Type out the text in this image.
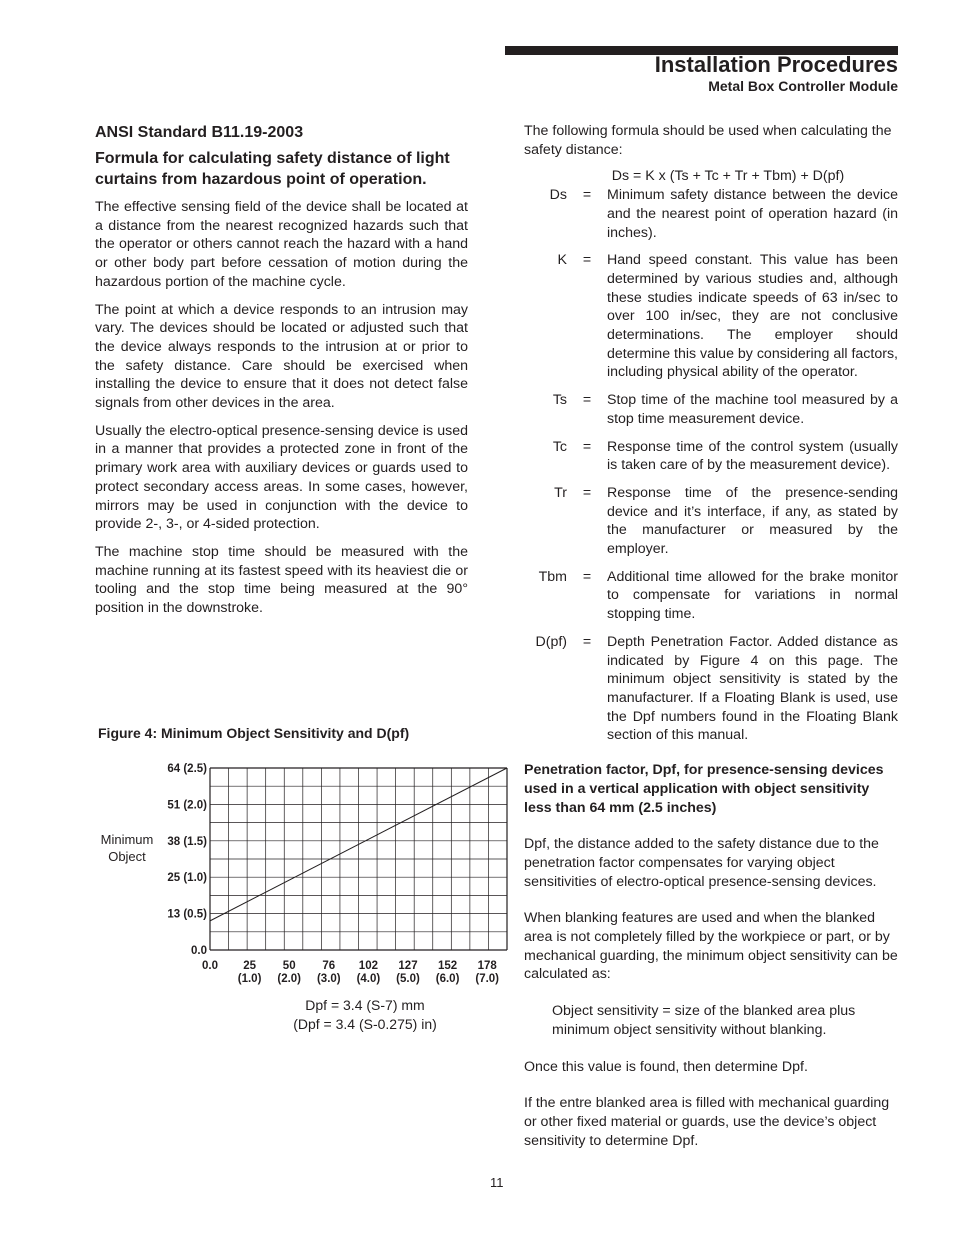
Installation Procedures
Metal Box Controller Module
ANSI Standard B11.19-2003
Formula for calculating safety distance of light curtains from hazardous point of operation.

The effective sensing field of the device shall be located at a distance from the nearest recognized hazards such that the operator or others cannot reach the hazard with a hand or other body part before cessation of motion during the hazardous portion of the machine cycle.

The point at which a device responds to an intrusion may vary. The devices should be located or adjusted such that the device always responds to the intrusion at or prior to the safety distance. Care should be exercised when installing the device to ensure that it does not detect false signals from other devices in the area.

Usually the electro-optical presence-sensing device is used in a manner that provides a protected zone in front of the primary work area with auxiliary devices or guards used to protect secondary access areas. In some cases, however, mirrors may be used in conjunction with the device to provide 2-, 3-, or 4-sided protection.

The machine stop time should be measured with the machine running at its fastest speed with its heaviest die or tooling and the stop time being measured at the 90° position in the downstroke.

Figure 4: Minimum Object Sensitivity and D(pf)
0.0
13 (0.5)
25 (1.0)
38 (1.5)
51 (2.0)
64 (2.5)
0.0 25
(1.0)
50
(2.0)
76
(3.0)
102
(4.0)
127
(5.0)
152
(6.0)
178
(7.0)
Minimum
Object
Dpf = 3.4 (S-7) mm
(Dpf = 3.4 (S-0.275) in)
The following formula should be used when calculating the safety distance:
Ds = K x (Ts + Tc + Tr + Tbm) + D(pf)
Ds	=	Minimum safety distance between the device and the nearest point of operation hazard (in inches).
K	=	Hand speed constant. This value has been determined by various studies and, although these studies indicate speeds of 63 in/sec to over 100 in/sec, they are not conclusive determinations. The employer should determine this value by considering all factors, including physical ability of the operator.
Ts	=	Stop time of the machine tool measured by a stop time measurement device.
Tc	=	Response time of the control system (usually is taken care of by the measurement device).
Tr	=	Response time of the presence-sending device and it’s interface, if any, as stated by the manufacturer or measured by the employer.
Tbm	=	Additional time allowed for the brake monitor to compensate for variations in normal stopping time.
D(pf)	=	Depth Penetration Factor. Added distance as indicated by Figure 4 on this page. The minimum object sensitivity is stated by the manufacturer. If a Floating Blank is used, use the Dpf numbers found in the Floating Blank section of this manual.

Penetration factor, Dpf, for presence-sensing devices used in a vertical application with object sensitivity less than 64 mm (2.5 inches)

Dpf, the distance added to the safety distance due to the penetration factor compensates for varying object sensitivities of electro-optical presence-sensing devices.

When blanking features are used and when the blanked area is not completely filled by the workpiece or part, or by mechanical guarding, the minimum object sensitivity can be calculated as:

Object sensitivity = size of the blanked area plus minimum object sensitivity without blanking.

Once this value is found, then determine Dpf.

If the entre blanked area is filled with mechanical guarding or other fixed material or guards, use the device’s object sensitivity to determine Dpf.

11
